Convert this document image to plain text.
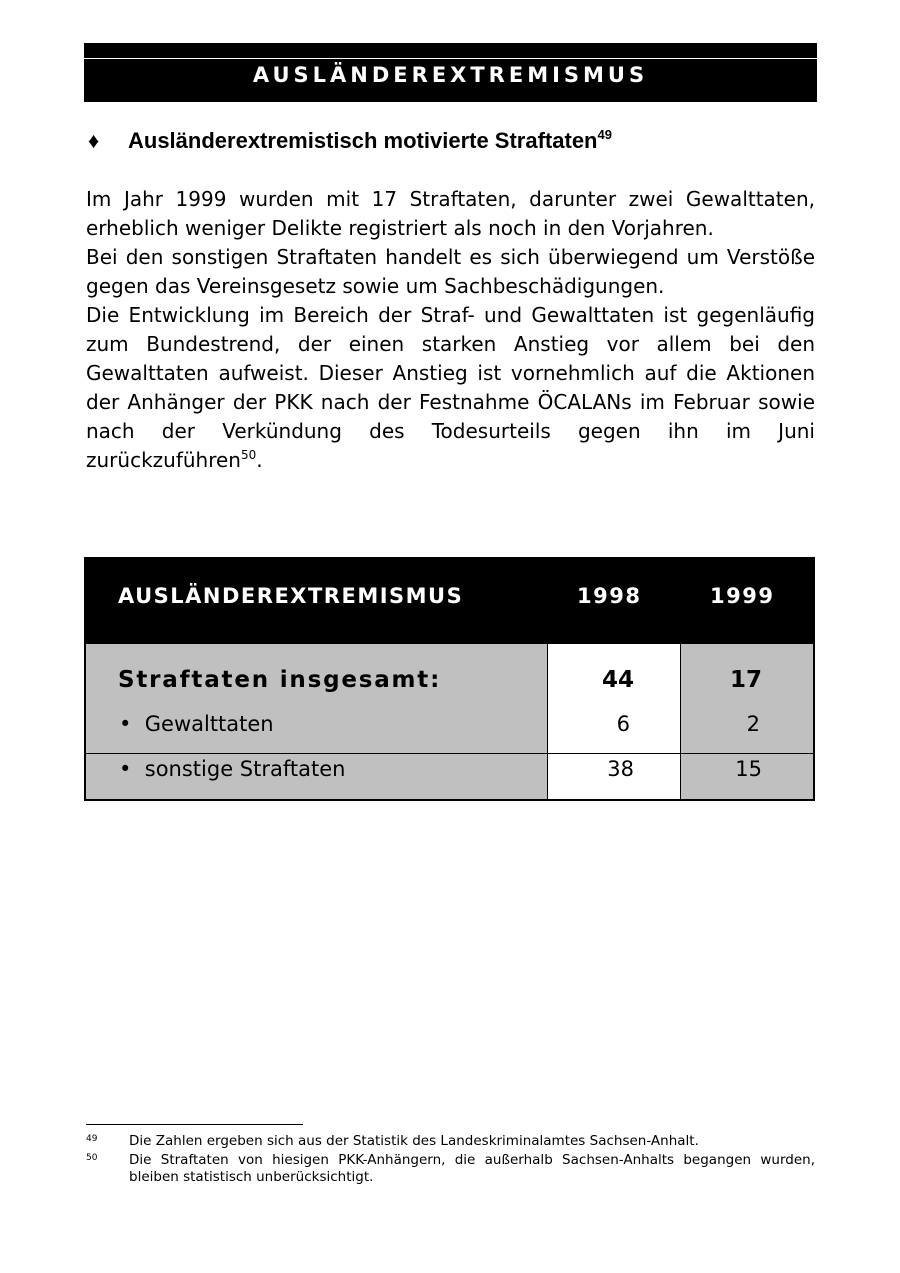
AUSLÄNDEREXTREMISMUS
♦ Ausländerextremistisch motivierte Straftaten$^{49}$

Im Jahr 1999 wurden mit 17 Straftaten, darunter zwei Gewalttaten, erheblich weniger Delikte registriert als noch in den Vorjahren.

Bei den sonstigen Straftaten handelt es sich überwiegend um Verstöße gegen das Vereinsgesetz sowie um Sachbeschädigungen.

Die Entwicklung im Bereich der Straf- und Gewalttaten ist gegenläufig zum Bundestrend, der einen starken Anstieg vor allem bei den Gewalttaten aufweist. Dieser Anstieg ist vornehmlich auf die Aktionen der Anhänger der PKK nach der Festnahme ÖCALANs im Februar sowie nach der Verkündung des Todesurteils gegen ihn im Juni zurückzuführen$^{50}$.

AUSLÄNDEREXTREMISMUS	1998	1999
Straftaten insgesamt:	44	17
• Gewalttaten	6	2
• sonstige Straftaten	38	15
49 Die Zahlen ergeben sich aus der Statistik des Landeskriminalamtes Sachsen-Anhalt.
50 Die Straftaten von hiesigen PKK-Anhängern, die außerhalb Sachsen-Anhalts begangen wurden, bleiben statistisch unberücksichtigt.
